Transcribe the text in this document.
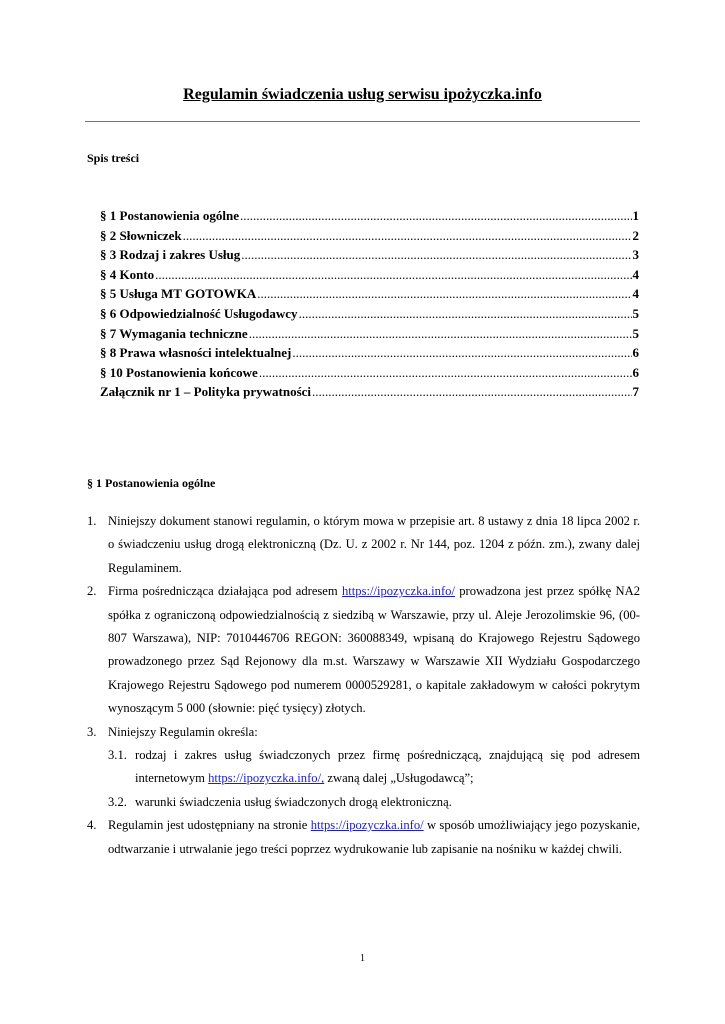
Regulamin świadczenia usług serwisu ipożyczka.info
Spis treści
§ 1 Postanowienia ogólne .....	1
§ 2 Słowniczek .....	2
§ 3 Rodzaj i zakres Usług .....	3
§ 4 Konto .....	4
§ 5 Usługa MT GOTOWKA .....	4
§ 6 Odpowiedzialność Usługodawcy .....	5
§ 7 Wymagania techniczne .....	5
§ 8 Prawa własności intelektualnej .....	6
§ 10 Postanowienia końcowe .....	6
Załącznik nr 1 – Polityka prywatności .....	7
§ 1 Postanowienia ogólne
1. Niniejszy dokument stanowi regulamin, o którym mowa w przepisie art. 8 ustawy z dnia 18 lipca 2002 r. o świadczeniu usług drogą elektroniczną (Dz. U. z 2002 r. Nr 144, poz. 1204 z późn. zm.), zwany dalej Regulaminem.
2. Firma pośrednicząca działająca pod adresem https://ipozyczka.info/ prowadzona jest przez spółkę NA2 spółka z ograniczoną odpowiedzialnością z siedzibą w Warszawie, przy ul. Aleje Jerozolimskie 96, (00-807 Warszawa), NIP: 7010446706 REGON: 360088349, wpisaną do Krajowego Rejestru Sądowego prowadzonego przez Sąd Rejonowy dla m.st. Warszawy w Warszawie XII Wydziału Gospodarczego Krajowego Rejestru Sądowego pod numerem 0000529281, o kapitale zakładowym w całości pokrytym wynoszącym 5 000 (słownie: pięć tysięcy) złotych.
3. Niniejszy Regulamin określa:
3.1. rodzaj i zakres usług świadczonych przez firmę pośredniczącą, znajdującą się pod adresem internetowym https://ipozyczka.info/, zwaną dalej „Usługodawcą”;
3.2. warunki świadczenia usług świadczonych drogą elektroniczną.
4. Regulamin jest udostępniany na stronie https://ipozyczka.info/ w sposób umożliwiający jego pozyskanie, odtwarzanie i utrwalanie jego treści poprzez wydrukowanie lub zapisanie na nośniku w każdej chwili.
1
